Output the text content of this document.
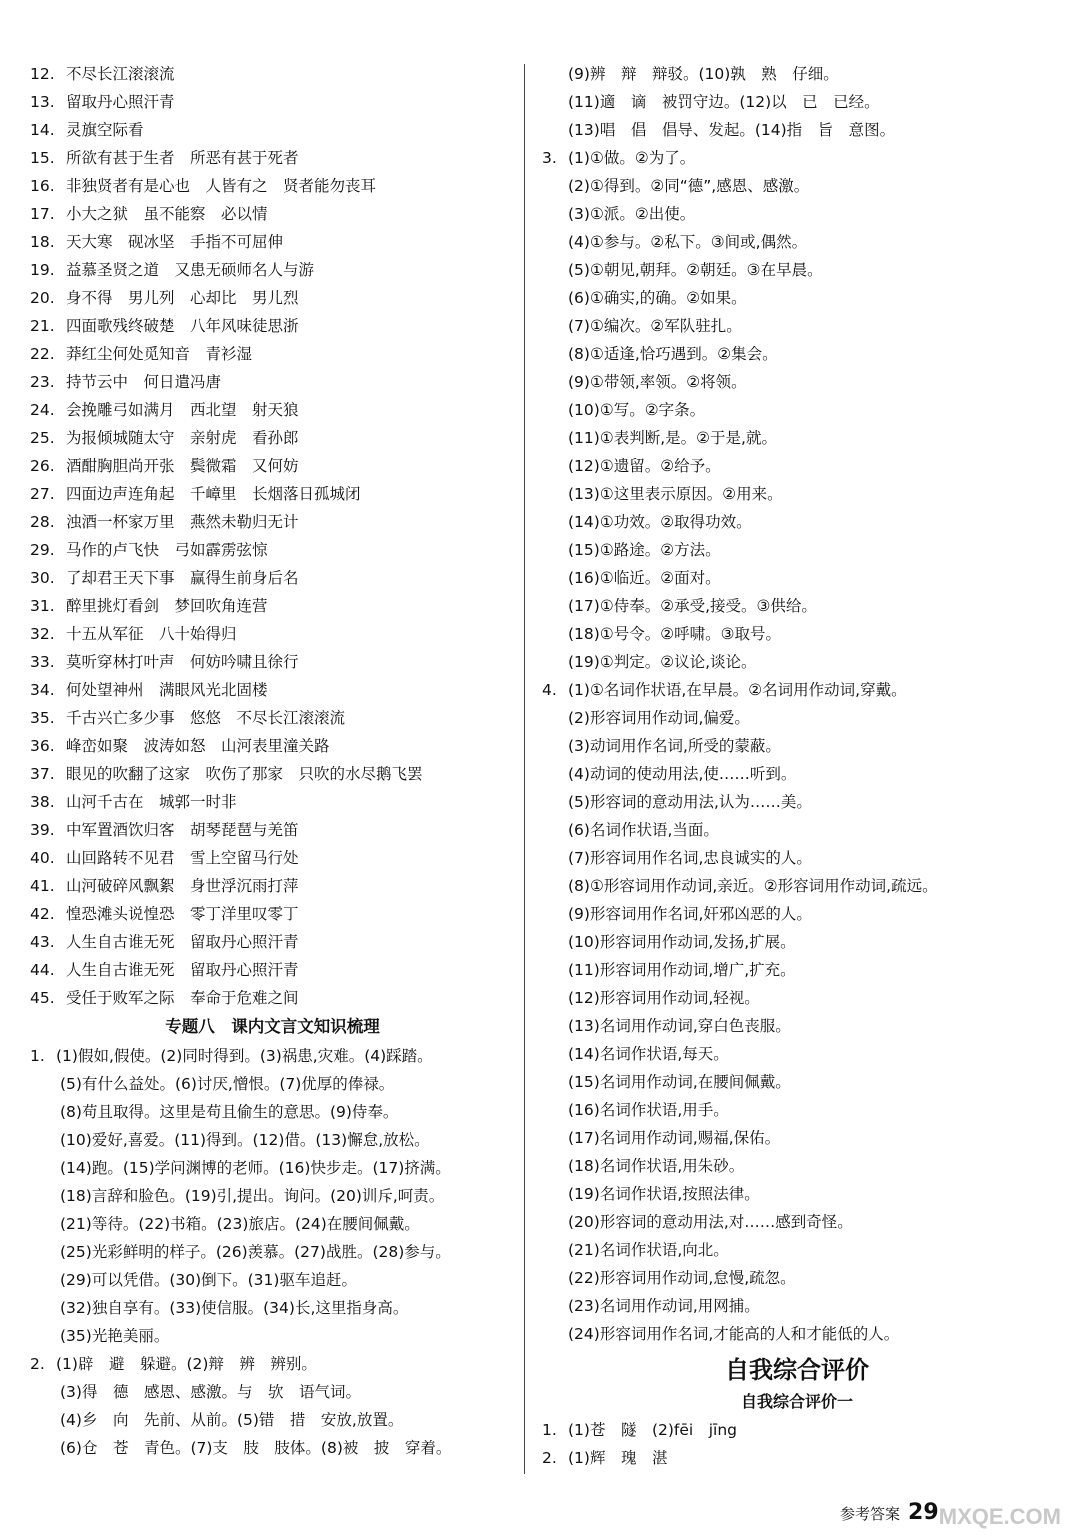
12. 不尽长江滚滚流
13. 留取丹心照汗青
14. 灵旗空际看
15. 所欲有甚于生者　所恶有甚于死者
16. 非独贤者有是心也　人皆有之　贤者能勿丧耳
17. 小大之狱　虽不能察　必以情
18. 天大寒　砚冰坚　手指不可屈伸
19. 益慕圣贤之道　又患无硕师名人与游
20. 身不得　男儿列　心却比　男儿烈
21. 四面歌残终破楚　八年风味徒思浙
22. 莽红尘何处觅知音　青衫湿
23. 持节云中　何日遣冯唐
24. 会挽雕弓如满月　西北望　射天狼
25. 为报倾城随太守　亲射虎　看孙郎
26. 酒酣胸胆尚开张　鬓微霜　又何妨
27. 四面边声连角起　千嶂里　长烟落日孤城闭
28. 浊酒一杯家万里　燕然未勒归无计
29. 马作的卢飞快　弓如霹雳弦惊
30. 了却君王天下事　赢得生前身后名
31. 醉里挑灯看剑　梦回吹角连营
32. 十五从军征　八十始得归
33. 莫听穿林打叶声　何妨吟啸且徐行
34. 何处望神州　满眼风光北固楼
35. 千古兴亡多少事　悠悠　不尽长江滚滚流
36. 峰峦如聚　波涛如怒　山河表里潼关路
37. 眼见的吹翻了这家　吹伤了那家　只吹的水尽鹅飞罢
38. 山河千古在　城郭一时非
39. 中军置酒饮归客　胡琴琵琶与羌笛
40. 山回路转不见君　雪上空留马行处
41. 山河破碎风飘絮　身世浮沉雨打萍
42. 惶恐滩头说惶恐　零丁洋里叹零丁
43. 人生自古谁无死　留取丹心照汗青
44. 人生自古谁无死　留取丹心照汗青
45. 受任于败军之际　奉命于危难之间
专题八　课内文言文知识梳理
1. (1)假如,假使。(2)同时得到。(3)祸患,灾难。(4)踩踏。
(5)有什么益处。(6)讨厌,憎恨。(7)优厚的俸禄。
(8)苟且取得。这里是苟且偷生的意思。(9)侍奉。
(10)爱好,喜爱。(11)得到。(12)借。(13)懈怠,放松。
(14)跑。(15)学问渊博的老师。(16)快步走。(17)挤满。
(18)言辞和脸色。(19)引,提出。询问。(20)训斥,呵责。
(21)等待。(22)书箱。(23)旅店。(24)在腰间佩戴。
(25)光彩鲜明的样子。(26)羡慕。(27)战胜。(28)参与。
(29)可以凭借。(30)倒下。(31)驱车追赶。
(32)独自享有。(33)使信服。(34)长,这里指身高。
(35)光艳美丽。
2. (1)辟　避　躲避。(2)辩　辨　辨别。
(3)得　德　感恩、感激。与　欤　语气词。
(4)乡　向　先前、从前。(5)错　措　安放,放置。
(6)仓　苍　青色。(7)支　肢　肢体。(8)被　披　穿着。
(9)辨　辩　辩驳。(10)孰　熟　仔细。
(11)適　谪　被罚守边。(12)以　已　已经。
(13)唱　倡　倡导、发起。(14)指　旨　意图。
3. (1)①做。②为了。
(2)①得到。②同“德”,感恩、感激。
(3)①派。②出使。
(4)①参与。②私下。③间或,偶然。
(5)①朝见,朝拜。②朝廷。③在早晨。
(6)①确实,的确。②如果。
(7)①编次。②军队驻扎。
(8)①适逢,恰巧遇到。②集会。
(9)①带领,率领。②将领。
(10)①写。②字条。
(11)①表判断,是。②于是,就。
(12)①遗留。②给予。
(13)①这里表示原因。②用来。
(14)①功效。②取得功效。
(15)①路途。②方法。
(16)①临近。②面对。
(17)①侍奉。②承受,接受。③供给。
(18)①号令。②呼啸。③取号。
(19)①判定。②议论,谈论。
4. (1)①名词作状语,在早晨。②名词用作动词,穿戴。
(2)形容词用作动词,偏爱。
(3)动词用作名词,所受的蒙蔽。
(4)动词的使动用法,使……听到。
(5)形容词的意动用法,认为……美。
(6)名词作状语,当面。
(7)形容词用作名词,忠良诚实的人。
(8)①形容词用作动词,亲近。②形容词用作动词,疏远。
(9)形容词用作名词,奸邪凶恶的人。
(10)形容词用作动词,发扬,扩展。
(11)形容词用作动词,增广,扩充。
(12)形容词用作动词,轻视。
(13)名词用作动词,穿白色丧服。
(14)名词作状语,每天。
(15)名词用作动词,在腰间佩戴。
(16)名词作状语,用手。
(17)名词用作动词,赐福,保佑。
(18)名词作状语,用朱砂。
(19)名词作状语,按照法律。
(20)形容词的意动用法,对……感到奇怪。
(21)名词作状语,向北。
(22)形容词用作动词,怠慢,疏忽。
(23)名词用作动词,用网捕。
(24)形容词用作名词,才能高的人和才能低的人。
自我综合评价
自我综合评价一
1. (1)苍　隧　(2)fēi　jīng
2. (1)辉　瑰　湛
参考答案 29 MXQE.COM
